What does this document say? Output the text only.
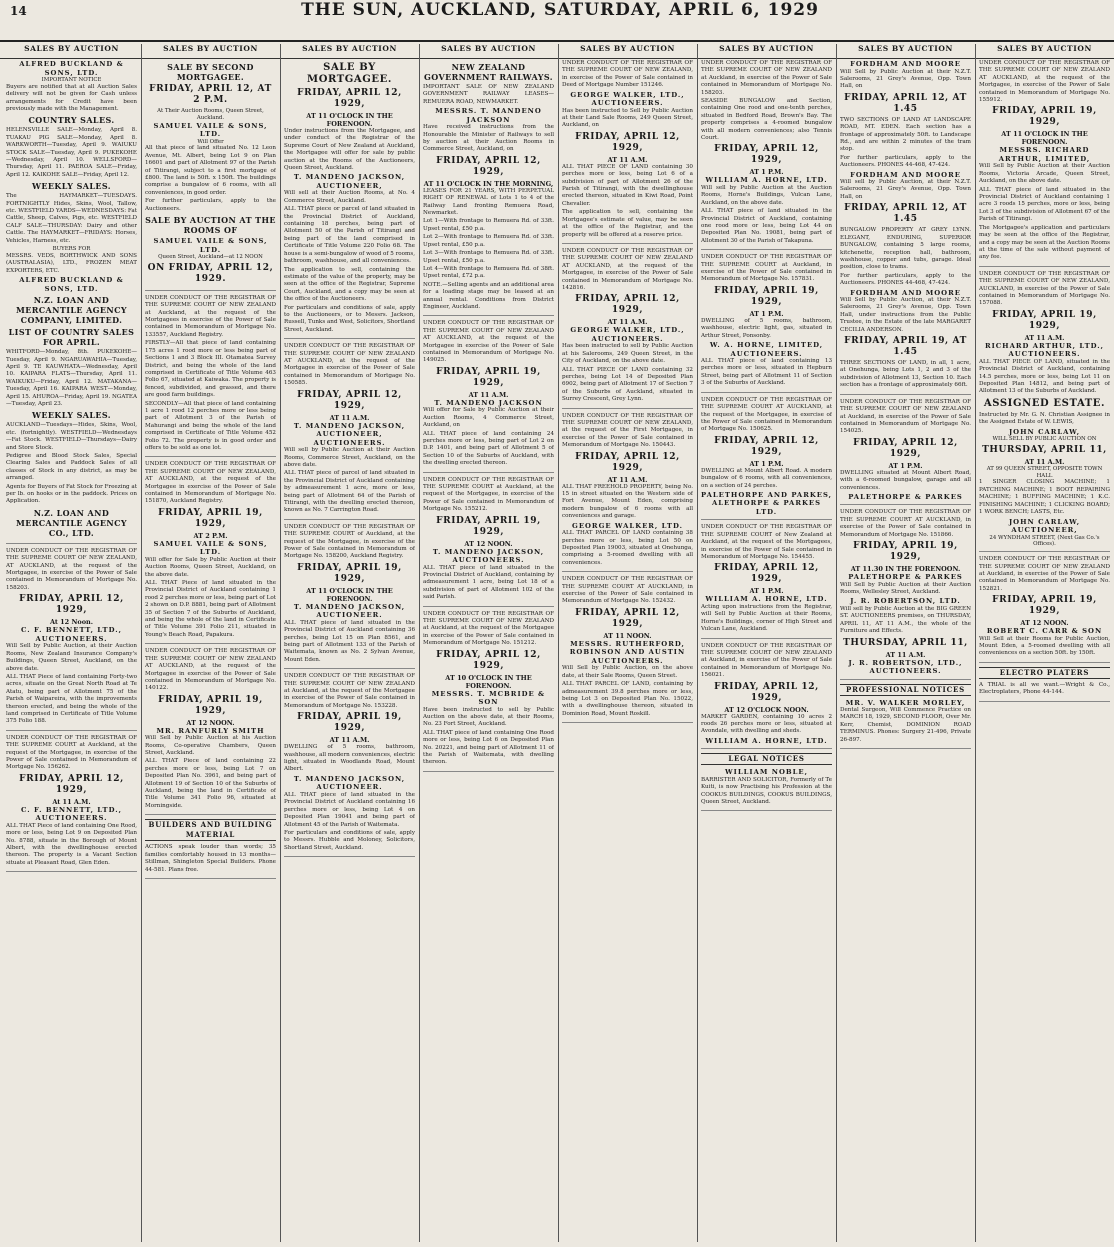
14	THE SUN, AUCKLAND, SATURDAY, APRIL 6, 1929
SALES BY AUCTION	SALES BY AUCTION	SALES BY AUCTION	SALES BY AUCTION	SALES BY AUCTION	SALES BY AUCTION	SALES BY AUCTION	SALES BY AUCTION
ALFRED BUCKLAND & SONS, LTD.
IMPORTANT NOTICE

Buyers are notified that at all Auction Sales delivery will not be given for Cash unless arrangements for Credit have been previously made with the Management.

COUNTRY SALES.

HELENSVILLE SALE—Monday, April 8. TUAKAU PIG SALE—Monday, April 8. WARKWORTH—Tuesday, April 9. WAIUKU STOCK SALE—Tuesday, April 9. PUKEKOHE—Wednesday, April 10. WELLSFORD—Thursday, April 11. PAEROA SALE—Friday, April 12. KAIKOHE SALE—Friday, April 12.

WEEKLY SALES.

The HAYMARKET—TUESDAYS. FORTNIGHTLY Hides, Skins, Wool, Tallow, etc. WESTFIELD YARDS—WEDNESDAYS: Fat Cattle, Sheep, Calves, Pigs, etc. WESTFIELD CALF SALE—THURSDAY: Dairy and other Cattle. The HAYMARKET—FRIDAYS: Horses, Vehicles, Harness, etc.

BUYERS FOR

MESSRS. VEDS, BORTHWICK AND SONS (AUSTRALASIA), LTD., FROZEN MEAT EXPORTERS, ETC.

ALFRED BUCKLAND & SONS, LTD.
N.Z. LOAN AND MERCANTILE AGENCY COMPANY, LIMITED.
LIST OF COUNTRY SALES FOR APRIL.

WHITFORD—Monday, 8th. PUKEKOHE—Tuesday, April 9. NGARUAWAHIA—Tuesday, April 9. TE KAUWHATA—Wednesday, April 10. KAIPARA FLATS—Thursday, April 11. WAIKUKU—Friday, April 12. MATAKANA—Tuesday, April 16. KAIPARA WEST—Monday, April 15. AHUROA—Friday, April 19. NGATEA—Tuesday, April 23.

WEEKLY SALES.

AUCKLAND—Tuesdays—Hides, Skins, Wool, etc. (fortnightly). WESTFIELD—Wednesdays—Fat Stock. WESTFIELD—Thursdays—Dairy and Store Stock.

Pedigree and Blood Stock Sales, Special Clearing Sales and Paddock Sales of all classes of Stock in any district, as may be arranged.

Agents for Buyers of Fat Stock for Freezing at per lb. on hooks or in the paddock. Prices on Application.

N.Z. LOAN AND MERCANTILE AGENCY CO., LTD.

UNDER CONDUCT OF THE REGISTRAR OF THE SUPREME COURT OF NEW ZEALAND, AT AUCKLAND, at the request of the Mortgagee, in exercise of the Power of Sale contained in Memorandum of Mortgage No. 158203.

FRIDAY, APRIL 12, 1929,
At 12 Noon.
C. F. BENNETT, LTD., AUCTIONEERS.

Will Sell by Public Auction, at their Auction Rooms, New Zealand Insurance Company's Buildings, Queen Street, Auckland, on the above date.

ALL THAT Piece of land containing Forty-two acres, situate on the Great North Road at Te Atatu, being part of Allotment 75 of the Parish of Waipareira, with the improvements thereon erected, and being the whole of the land comprised in Certificate of Title Volume 375 Folio 188.

UNDER CONDUCT OF THE REGISTRAR OF THE SUPREME COURT at Auckland, at the request of the Mortgagee, in exercise of the Power of Sale contained in Memorandum of Mortgage No. 156262.

FRIDAY, APRIL 12, 1929,
At 11 A.M.
C. F. BENNETT, LTD., AUCTIONEERS.

ALL THAT Piece of land containing One Rood, more or less, being Lot 9 on Deposited Plan No. 8788, situate in the Borough of Mount Albert, with the dwellinghouse erected thereon. The property is a Vacant Section situate at Pleasant Road, Glen Eden.

SALE BY SECOND MORTGAGEE.
FRIDAY, APRIL 12, AT 2 P.M.
At Their Auction Rooms, Queen Street, Auckland.
SAMUEL VAILE & SONS, LTD.
Will Offer

All that piece of land situated No. 12 Leon Avenue, Mt. Albert, being Lot 9 on Plan 16601 and part of Allotment 97 of the Parish of Titirangi, subject to a first mortgage of £800. The land is 50ft. x 150ft. The buildings comprise a bungalow of 6 rooms, with all conveniences, in good order.

For further particulars, apply to the Auctioneers.

SALE BY AUCTION AT THE ROOMS OF
SAMUEL VAILE & SONS, LTD.
Queen Street, Auckland—at 12 NOON
ON FRIDAY, APRIL 12, 1929.

UNDER CONDUCT OF THE REGISTRAR OF THE SUPREME COURT OF NEW ZEALAND at Auckland, at the request of the Mortgagees in exercise of the Power of Sale contained in Memorandum of Mortgage No. 133557, Auckland Registry.

FIRSTLY—All that piece of land containing 175 acres 1 rood more or less being part of Sections 1 and 3 Block III. Otamatea Survey District, and being the whole of the land comprised in Certificate of Title Volume 463 Folio 67, situated at Kaiwaka. The property is fenced, subdivided, and grassed, and there are good farm buildings.

SECONDLY—All that piece of land containing 1 acre 1 rood 12 perches more or less being part of Allotment 3 of the Parish of Mahurangi and being the whole of the land comprised in Certificate of Title Volume 452 Folio 72. The property is in good order and offers to be sold as one lot.

UNDER CONDUCT OF THE REGISTRAR OF THE SUPREME COURT OF NEW ZEALAND, AT AUCKLAND, at the request of the Mortgagee in exercise of the Power of Sale contained in Memorandum of Mortgage No. 151870, Auckland Registry.

FRIDAY, APRIL 19, 1929,
AT 2 P.M.
SAMUEL VAILE & SONS, LTD.

Will offer for Sale by Public Auction at their Auction Rooms, Queen Street, Auckland, on the above date.

ALL THAT Piece of land situated in the Provincial District of Auckland containing 1 rood 2 perches more or less, being part of Lot 2 shown on D.P. 8881, being part of Allotment 35 of Section 7 of the Suburbs of Auckland, and being the whole of the land in Certificate of Title Volume 391 Folio 211, situated in Young's Beach Road, Papakura.

UNDER CONDUCT OF THE REGISTRAR OF THE SUPREME COURT OF NEW ZEALAND AT AUCKLAND, at the request of the Mortgagee in exercise of the Power of Sale contained in Memorandum of Mortgage No. 140122.

FRIDAY, APRIL 19, 1929,
AT 12 NOON.
MR. RANFURLY SMITH

Will Sell by Public Auction at his Auction Rooms, Co-operative Chambers, Queen Street, Auckland.

ALL THAT Piece of land containing 22 perches more or less, being Lot 7 on Deposited Plan No. 3961, and being part of Allotment 19 of Section 10 of the Suburbs of Auckland, being the land in Certificate of Title Volume 341 Folio 96, situated at Morningside.

BUILDERS AND BUILDING MATERIAL

ACTIONS speak louder than words; 35 families comfortably housed in 13 months—Stillman, Shingleton Special Builders. Phone 44-581. Plans free.

SALE BY MORTGAGEE.
FRIDAY, APRIL 12, 1929,
AT 11 O'CLOCK IN THE FORENOON.

Under instructions from the Mortgagee, and under conduct of the Registrar of the Supreme Court of New Zealand at Auckland, the Mortgagee will offer for sale by public auction at the Rooms of the Auctioneers, Queen Street, Auckland.

T. MANDENO JACKSON, AUCTIONEER,

Will sell at their Auction Rooms, at No. 4 Commerce Street, Auckland.

ALL THAT piece or parcel of land situated in the Provincial District of Auckland, containing 18 perches, being part of Allotment 50 of the Parish of Titirangi and being part of the land comprised in Certificate of Title Volume 220 Folio 68. The house is a semi-bungalow of wood of 5 rooms, bathroom, washhouse, and all conveniences.

The application to sell, containing the estimate of the value of the property, may be seen at the office of the Registrar, Supreme Court, Auckland, and a copy may be seen at the office of the Auctioneers.

For particulars and conditions of sale, apply to the Auctioneers, or to Messrs. Jackson, Russell, Tunks and West, Solicitors, Shortland Street, Auckland.

UNDER CONDUCT OF THE REGISTRAR OF THE SUPREME COURT OF NEW ZEALAND AT AUCKLAND, at the request of the Mortgagee in exercise of the Power of Sale contained in Memorandum of Mortgage No. 150585.

FRIDAY, APRIL 12, 1929,
AT 11 A.M.
T. MANDENO JACKSON, AUCTIONEER, AUCTIONEERS.

Will sell by Public Auction at their Auction Rooms, Commerce Street, Auckland, on the above date.

ALL THAT piece of parcel of land situated in the Provincial District of Auckland containing by admeasurement 1 acre, more or less, being part of Allotment 64 of the Parish of Titirangi, with the dwelling erected thereon, known as No. 7 Carrington Road.

UNDER CONDUCT OF THE REGISTRAR OF THE SUPREME COURT of Auckland, at the request of the Mortgagee, in exercise of the Power of Sale contained in Memorandum of Mortgage No. 158200, Auckland Registry.

FRIDAY, APRIL 19, 1929,
AT 11 O'CLOCK IN THE FORENOON.
T. MANDENO JACKSON, AUCTIONEER.

ALL THAT piece of land situated in the Provincial District of Auckland containing 36 perches, being Lot 15 on Plan 8561, and being part of Allotment 133 of the Parish of Waitemata, known as No. 2 Sylvan Avenue, Mount Eden.

UNDER CONDUCT OF THE REGISTRAR OF THE SUPREME COURT OF NEW ZEALAND at Auckland, at the request of the Mortgagee in exercise of the Power of Sale contained in Memorandum of Mortgage No. 153228.

FRIDAY, APRIL 19, 1929,
AT 11 A.M.

DWELLING of 5 rooms, bathroom, washhouse, all modern conveniences, electric light, situated in Woodlands Road, Mount Albert.

T. MANDENO JACKSON, AUCTIONEER.

ALL THAT piece of land situated in the Provincial District of Auckland containing 16 perches more or less, being Lot 4 on Deposited Plan 19041 and being part of Allotment 45 of the Parish of Waitemata.

For particulars and conditions of sale, apply to Messrs. Hubble and Moloney, Solicitors, Shortland Street, Auckland.

NEW ZEALAND GOVERNMENT RAILWAYS.

IMPORTANT SALE OF NEW ZEALAND GOVERNMENT RAILWAY LEASES—REMUERA ROAD, NEWMARKET.

MESSRS. T. MANDENO JACKSON

Have received instructions from the Honourable the Minister of Railways to sell by auction at their Auction Rooms in Commerce Street, Auckland, on

FRIDAY, APRIL 12, 1929,
AT 11 O'CLOCK IN THE MORNING,

LEASES FOR 21 YEARS, WITH PERPETUAL RIGHT OF RENEWAL of Lots 1 to 4 of the Railway Land fronting Remuera Road, Newmarket.

Lot 1—With frontage to Remuera Rd. of 33ft. Upset rental, £50 p.a.

Lot 2—With frontage to Remuera Rd. of 33ft. Upset rental, £50 p.a.

Lot 3—With frontage to Remuera Rd. of 33ft. Upset rental, £50 p.a.

Lot 4—With frontage to Remuera Rd. of 38ft. Upset rental, £72 p.a.

NOTE.—Selling agents and an additional area for a loading stage may be leased at an annual rental. Conditions from District Engineer, Auckland.

UNDER CONDUCT OF THE REGISTRAR OF THE SUPREME COURT OF NEW ZEALAND AT AUCKLAND, at the request of the Mortgagee in exercise of the Power of Sale contained in Memorandum of Mortgage No. 149025.

FRIDAY, APRIL 19, 1929,
AT 11 A.M.
T. MANDENO JACKSON

Will offer for Sale by Public Auction at their Auction Rooms, 4 Commerce Street, Auckland, on

ALL THAT piece of land containing 24 perches more or less, being part of Lot 2 on D.P. 1401, and being part of Allotment 5 of Section 10 of the Suburbs of Auckland, with the dwelling erected thereon.

UNDER CONDUCT OF THE REGISTRAR OF THE SUPREME COURT at Auckland, at the request of the Mortgagee, in exercise of the Power of Sale contained in Memorandum of Mortgage No. 155212.

FRIDAY, APRIL 19, 1929,
AT 12 NOON.
T. MANDENO JACKSON, AUCTIONEERS.

ALL THAT piece of land situated in the Provincial District of Auckland, containing by admeasurement 1 acre, being Lot 18 of a subdivision of part of Allotment 102 of the said Parish.

UNDER CONDUCT OF THE REGISTRAR OF THE SUPREME COURT OF NEW ZEALAND at Auckland, at the request of the Mortgagee in exercise of the Power of Sale contained in Memorandum of Mortgage No. 151212.

FRIDAY, APRIL 12, 1929,
AT 10 O'CLOCK IN THE FORENOON.
MESSRS. T. MCBRIDE & SON

Have been instructed to sell by Public Auction on the above date, at their Rooms, No. 23 Fort Street, Auckland.

ALL THAT piece of land containing One Rood more or less, being Lot 6 on Deposited Plan No. 20221, and being part of Allotment 11 of the Parish of Waitemata, with dwelling thereon.

UNDER CONDUCT OF THE REGISTRAR OF THE SUPREME COURT OF NEW ZEALAND, in exercise of the Power of Sale contained in Deed of Mortgage Number 151246.

GEORGE WALKER, LTD., AUCTIONEERS.

Has been instructed to Sell by Public Auction at their Land Sale Rooms, 249 Queen Street, Auckland, on

FRIDAY, APRIL 12, 1929,
AT 11 A.M.

ALL THAT PIECE OF LAND containing 30 perches more or less, being Lot 6 of a subdivision of part of Allotment 26 of the Parish of Titirangi, with the dwellinghouse erected thereon, situated in Kiwi Road, Point Chevalier.

The application to sell, containing the Mortgagee's estimate of value, may be seen at the office of the Registrar, and the property will be offered at a reserve price.

UNDER CONDUCT OF THE REGISTRAR OF THE SUPREME COURT OF NEW ZEALAND AT AUCKLAND, at the request of the Mortgagee, in exercise of the Power of Sale contained in Memorandum of Mortgage No. 142816.

FRIDAY, APRIL 12, 1929,
AT 11 A.M.
GEORGE WALKER, LTD., AUCTIONEERS.

Has been instructed to sell by Public Auction at his Salerooms, 249 Queen Street, in the City of Auckland, on the above date.

ALL THAT PIECE OF LAND containing 32 perches, being Lot 14 of Deposited Plan 6902, being part of Allotment 17 of Section 7 of the Suburbs of Auckland, situated in Surrey Crescent, Grey Lynn.

UNDER CONDUCT OF THE REGISTRAR OF THE SUPREME COURT OF NEW ZEALAND, at the request of the First Mortgagee, in exercise of the Power of Sale contained in Memorandum of Mortgage No. 150443.

FRIDAY, APRIL 12, 1929,
AT 11 A.M.

ALL THAT FREEHOLD PROPERTY, being No. 15 in street situated on the Western side of Fort Avenue, Mount Eden, comprising modern bungalow of 6 rooms with all conveniences and garage.

GEORGE WALKER, LTD.

ALL THAT PARCEL OF LAND containing 38 perches more or less, being Lot 50 on Deposited Plan 19003, situated at Onehunga, comprising a 5-roomed dwelling with all conveniences.

UNDER CONDUCT OF THE REGISTRAR OF THE SUPREME COURT AT AUCKLAND, in exercise of the Power of Sale contained in Memorandum of Mortgage No. 152432.

FRIDAY, APRIL 12, 1929,
AT 11 NOON.
MESSRS. RUTHERFORD, ROBINSON AND AUSTIN AUCTIONEERS.

Will Sell by Public Auction, on the above date, at their Sale Rooms, Queen Street.

ALL THAT PARCEL OF LAND, containing by admeasurement 39.8 perches more or less, being Lot 3 on Deposited Plan No. 15022, with a dwellinghouse thereon, situated in Dominion Road, Mount Roskill.

UNDER CONDUCT OF THE REGISTRAR OF THE SUPREME COURT OF NEW ZEALAND at Auckland, in exercise of the Power of Sale contained in Memorandum of Mortgage No. 158203.

SEASIDE BUNGALOW and Section, containing One rood and one-tenth perches, situated in Bedford Road, Brown's Bay. The property comprises a 4-roomed bungalow with all modern conveniences; also Tennis Court.

FRIDAY, APRIL 12, 1929,
AT 1 P.M.
WILLIAM A. HORNE, LTD.

Will sell by Public Auction at the Auction Rooms, Horne's Buildings, Vulcan Lane, Auckland, on the above date.

ALL THAT piece of land situated in the Provincial District of Auckland, containing one rood more or less, being Lot 44 on Deposited Plan No. 19081, being part of Allotment 30 of the Parish of Takapuna.

UNDER CONDUCT OF THE REGISTRAR OF THE SUPREME COURT at Auckland, in exercise of the Power of Sale contained in Memorandum of Mortgage No. 157831.

FRIDAY, APRIL 19, 1929,
AT 1 P.M.

DWELLING of 5 rooms, bathroom, washhouse, electric light, gas, situated in Arthur Street, Ponsonby.

W. A. HORNE, LIMITED, AUCTIONEERS.

ALL THAT piece of land containing 13 perches more or less, situated in Hepburn Street, being part of Allotment 11 of Section 3 of the Suburbs of Auckland.

UNDER CONDUCT OF THE REGISTRAR OF THE SUPREME COURT AT AUCKLAND, at the request of the Mortgagee, in exercise of the Power of Sale contained in Memorandum of Mortgage No. 150625.

FRIDAY, APRIL 12, 1929,
AT 1 P.M.

DWELLING at Mount Albert Road. A modern bungalow of 6 rooms, with all conveniences, on a section of 24 perches.

PALETHORPE AND PARKES, ALETHORPE & PARKES LTD.

UNDER CONDUCT OF THE REGISTRAR OF THE SUPREME COURT of New Zealand at Auckland, at the request of the Mortgagees, in exercise of the Power of Sale contained in Memorandum of Mortgage No. 154455.

FRIDAY, APRIL 12, 1929,
AT 1 P.M.
WILLIAM A. HORNE, LTD.

Acting upon instructions from the Registrar, will Sell by Public Auction at their Rooms, Horne's Buildings, corner of High Street and Vulcan Lane, Auckland.

UNDER CONDUCT OF THE REGISTRAR OF THE SUPREME COURT OF NEW ZEALAND at Auckland, in exercise of the Power of Sale contained in Memorandum of Mortgage No. 156021.

FRIDAY, APRIL 12, 1929,
AT 12 O'CLOCK NOON.

MARKET GARDEN, containing 10 acres 2 roods 26 perches more or less, situated at Avondale, with dwelling and sheds.

WILLIAM A. HORNE, LTD.
LEGAL NOTICES
WILLIAM NOBLE,

BARRISTER AND SOLICITOR, Formerly of Te Kuiti, is now Practising his Profession at the COOKUS BUILDINGS, COOKUS BUILDINGS, Queen Street, Auckland.

FORDHAM AND MOORE

Will Sell by Public Auction at their N.Z.T. Salerooms, 21 Grey's Avenue, Opp. Town Hall, on

FRIDAY, APRIL 12, AT 1.45

TWO SECTIONS OF LAND AT LANDSCAPE ROAD, MT. EDEN. Each section has a frontage of approximately 50ft. to Landscape Rd., and are within 2 minutes of the tram stop.

For further particulars, apply to the Auctioneers. PHONES 44-468, 47-424.

FORDHAM AND MOORE

Will sell by Public Auction, at their N.Z.T. Salerooms, 21 Grey's Avenue, Opp. Town Hall, on

FRIDAY, APRIL 12, AT 1.45

BUNGALOW PROPERTY AT GREY LYNN. ELEGANT, ENDURING, SUPERIOR BUNGALOW, containing 5 large rooms, kitchenette, reception hall, bathroom, washhouse, copper and tubs, garage. Ideal position, close to trams.

For further particulars, apply to the Auctioneers. PHONES 44-468, 47-424.

FORDHAM AND MOORE

Will Sell by Public Auction, at their N.Z.T. Salerooms, 21 Grey's Avenue, Opp. Town Hall, under instructions from the Public Trustee, in the Estate of the late MARGARET CECILIA ANDERSON.

FRIDAY, APRIL 19, AT 1.45

THREE SECTIONS OF LAND, in all, 1 acre, at Onehunga, being Lots 1, 2 and 3 of the subdivision of Allotment 13, Section 10. Each section has a frontage of approximately 66ft.

UNDER CONDUCT OF THE REGISTRAR OF THE SUPREME COURT OF NEW ZEALAND at Auckland, in exercise of the Power of Sale contained in Memorandum of Mortgage No. 154025.

FRIDAY, APRIL 12, 1929,
AT 1 P.M.

DWELLING situated at Mount Albert Road, with a 6-roomed bungalow, garage and all conveniences.

PALETHORPE & PARKES

UNDER CONDUCT OF THE REGISTRAR OF THE SUPREME COURT AT AUCKLAND, in exercise of the Power of Sale contained in Memorandum of Mortgage No. 151866.

FRIDAY, APRIL 19, 1929,
AT 11.30 IN THE FORENOON.
PALETHORPE & PARKES

Will Sell by Public Auction at their Auction Rooms, Wellesley Street, Auckland.

J. R. ROBERTSON, LTD.

Will sell by Public Auction at the BIG GREEN ST. AUCTIONEERS premises, on THURSDAY, APRIL 11, AT 11 A.M., the whole of the Furniture and Effects.

THURSDAY, APRIL 11,
AT 11 A.M.
J. R. ROBERTSON, LTD., AUCTIONEERS.
PROFESSIONAL NOTICES
MR. V. WALKER MORLEY,

Dental Surgeon, Will Commence Practice on MARCH 18, 1929, SECOND FLOOR, Over Mr. Kerr, Chemist, DOMINION ROAD TERMINUS. Phones: Surgery 21-496, Private 26-897.

UNDER CONDUCT OF THE REGISTRAR OF THE SUPREME COURT OF NEW ZEALAND AT AUCKLAND, at the request of the Mortgagee, in exercise of the Power of Sale contained in Memorandum of Mortgage No. 155912.

FRIDAY, APRIL 19, 1929,
AT 11 O'CLOCK IN THE FORENOON.
MESSRS. RICHARD ARTHUR, LIMITED,

Will Sell by Public Auction at their Auction Rooms, Victoria Arcade, Queen Street, Auckland, on the above date.

ALL THAT piece of land situated in the Provincial District of Auckland containing 1 acre 3 roods 15 perches, more or less, being Lot 3 of the subdivision of Allotment 67 of the Parish of Titirangi.

The Mortgagee's application and particulars may be seen at the office of the Registrar, and a copy may be seen at the Auction Rooms at the time of the sale without payment of any fee.

UNDER CONDUCT OF THE REGISTRAR OF THE SUPREME COURT OF NEW ZEALAND, AUCKLAND, in exercise of the Power of Sale contained in Memorandum of Mortgage No. 157088.

FRIDAY, APRIL 19, 1929,
AT 11 A.M.
RICHARD ARTHUR, LTD., AUCTIONEERS.

ALL THAT PIECE OF LAND, situated in the Provincial District of Auckland, containing 14.5 perches, more or less, being Lot 11 on Deposited Plan 14812, and being part of Allotment 13 of the Suburbs of Auckland.

ASSIGNED ESTATE.

Instructed by Mr. G. N. Christian Assignee in the Assigned Estate of W. LEWIS,

JOHN CARLAW,
WILL SELL BY PUBLIC AUCTION ON
THURSDAY, APRIL 11,
AT 11 A.M.
AT 99 QUEEN STREET, OPPOSITE TOWN HALL

1 SINGER CLOSING MACHINE; 1 PATCHING MACHINE; 1 BOOT REPAIRING MACHINE; 1 BUFFING MACHINE; 1 K.C. FINISHING MACHINE; 1 CLICKING BOARD; 1 WORK BENCH; LASTS, Etc.

JOHN CARLAW, AUCTIONEER,
24 WYNDHAM STREET, (Next Gas Co.'s Offices).

UNDER CONDUCT OF THE REGISTRAR OF THE SUPREME COURT OF NEW ZEALAND at Auckland, in exercise of the Power of Sale contained in Memorandum of Mortgage No. 152821.

FRIDAY, APRIL 19, 1929,
AT 12 NOON.
ROBERT C. CARR & SON

Will Sell at their Rooms for Public Auction, Mount Eden, a 5-roomed dwelling with all conveniences on a section 50ft. by 150ft.

ELECTRO PLATERS

A TRIAL is all we want.—Wright & Co., Electroplaters, Phone 44-144.
